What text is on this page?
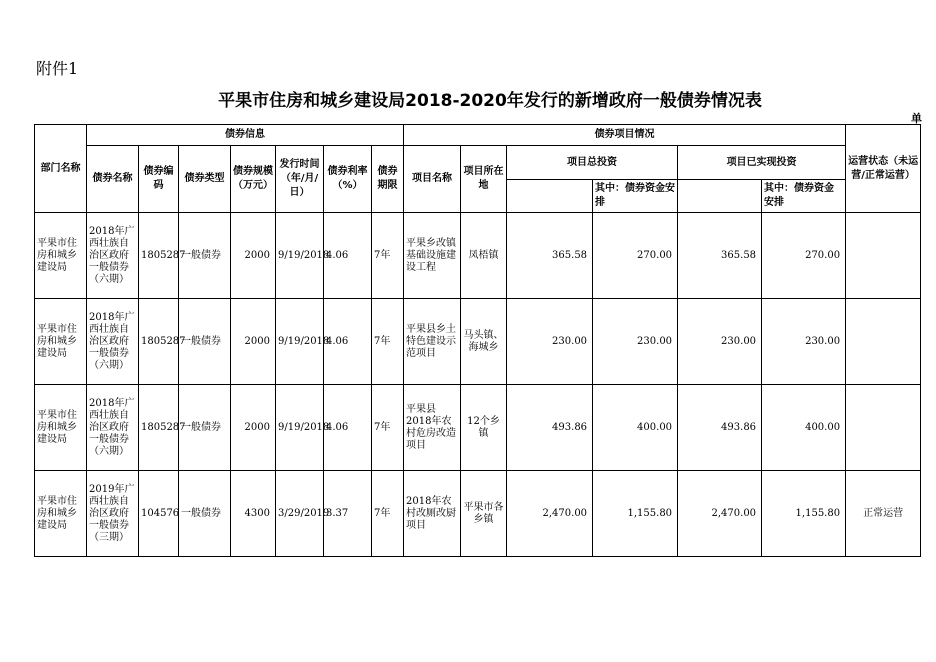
附件1
平果市住房和城乡建设局2018-2020年发行的新增政府一般债券情况表
单
部门名称	债券信息							债券项目情况						运营状态（未运营/正常运营）
	债券名称	债券编码	债券类型	债券规模（万元）	发行时间（年/月/日）	债券利率（%）	债券期限	项目名称	项目所在地	项目总投资		项目已实现投资		
											其中：债券资金安排		其中：债券资金安排	
平果市住房和城乡建设局	2018年广西壮族自治区政府一般债券（六期）	1805287	一般债券	2000	9/19/2018	4.06	7年	平果乡改镇基础设施建设工程	凤梧镇	365.58	270.00	365.58	270.00	
平果市住房和城乡建设局	2018年广西壮族自治区政府一般债券（六期）	1805287	一般债券	2000	9/19/2018	4.06	7年	平果县乡土特色建设示范项目	马头镇、海城乡	230.00	230.00	230.00	230.00	
平果市住房和城乡建设局	2018年广西壮族自治区政府一般债券（六期）	1805287	一般债券	2000	9/19/2018	4.06	7年	平果县2018年农村危房改造项目	12个乡镇	493.86	400.00	493.86	400.00	
平果市住房和城乡建设局	2019年广西壮族自治区政府一般债券（三期）	104576	一般债券	4300	3/29/2019	3.37	7年	2018年农村改厕改厨项目	平果市各乡镇	2,470.00	1,155.80	2,470.00	1,155.80	正常运营
